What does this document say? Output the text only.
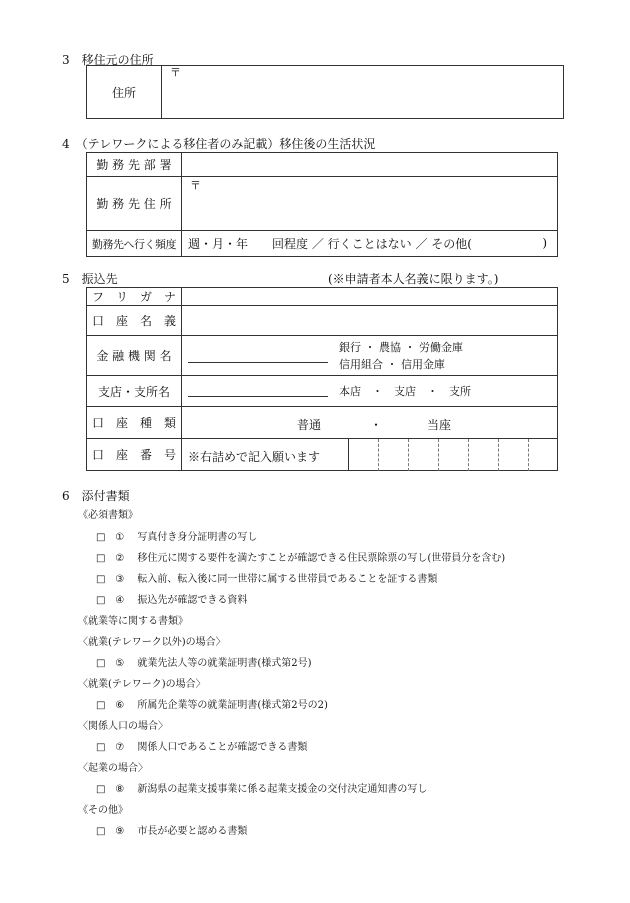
3　移住元の住所
住所	
〒
4　（テレワークによる移住者のみ記載）移住後の生活状況
勤 務 先 部 署	
勤 務 先 住 所	〒

勤務先へ行く頻度	週・月・年　　回程度 ／ 行くことはない ／ その他( )
5　振込先	(※申請者本人名義に限ります。)
フ　リ　ガ　ナ	
口　座　名　義	
金 融 機 関 名	銀行 ・ 農協 ・ 労働金庫
信用組合 ・ 信用金庫

支店・支所名	本店　・　支店　・　支所

口　座　種　類	普通 ・ 当座

口　座　番　号	※右詰めで記入願います
6　添付書類
《必須書類》
□ ① 写真付き身分証明書の写し
□ ② 移住元に関する要件を満たすことが確認できる住民票除票の写し(世帯員分を含む)
□ ③ 転入前、転入後に同一世帯に属する世帯員であることを証する書類
□ ④ 振込先が確認できる資料
《就業等に関する書類》
〈就業(テレワーク以外)の場合〉
□ ⑤ 就業先法人等の就業証明書(様式第2号)
〈就業(テレワーク)の場合〉
□ ⑥ 所属先企業等の就業証明書(様式第2号の2)
〈関係人口の場合〉
□ ⑦ 関係人口であることが確認できる書類
〈起業の場合〉
□ ⑧ 新潟県の起業支援事業に係る起業支援金の交付決定通知書の写し
《その他》
□ ⑨ 市長が必要と認める書類
